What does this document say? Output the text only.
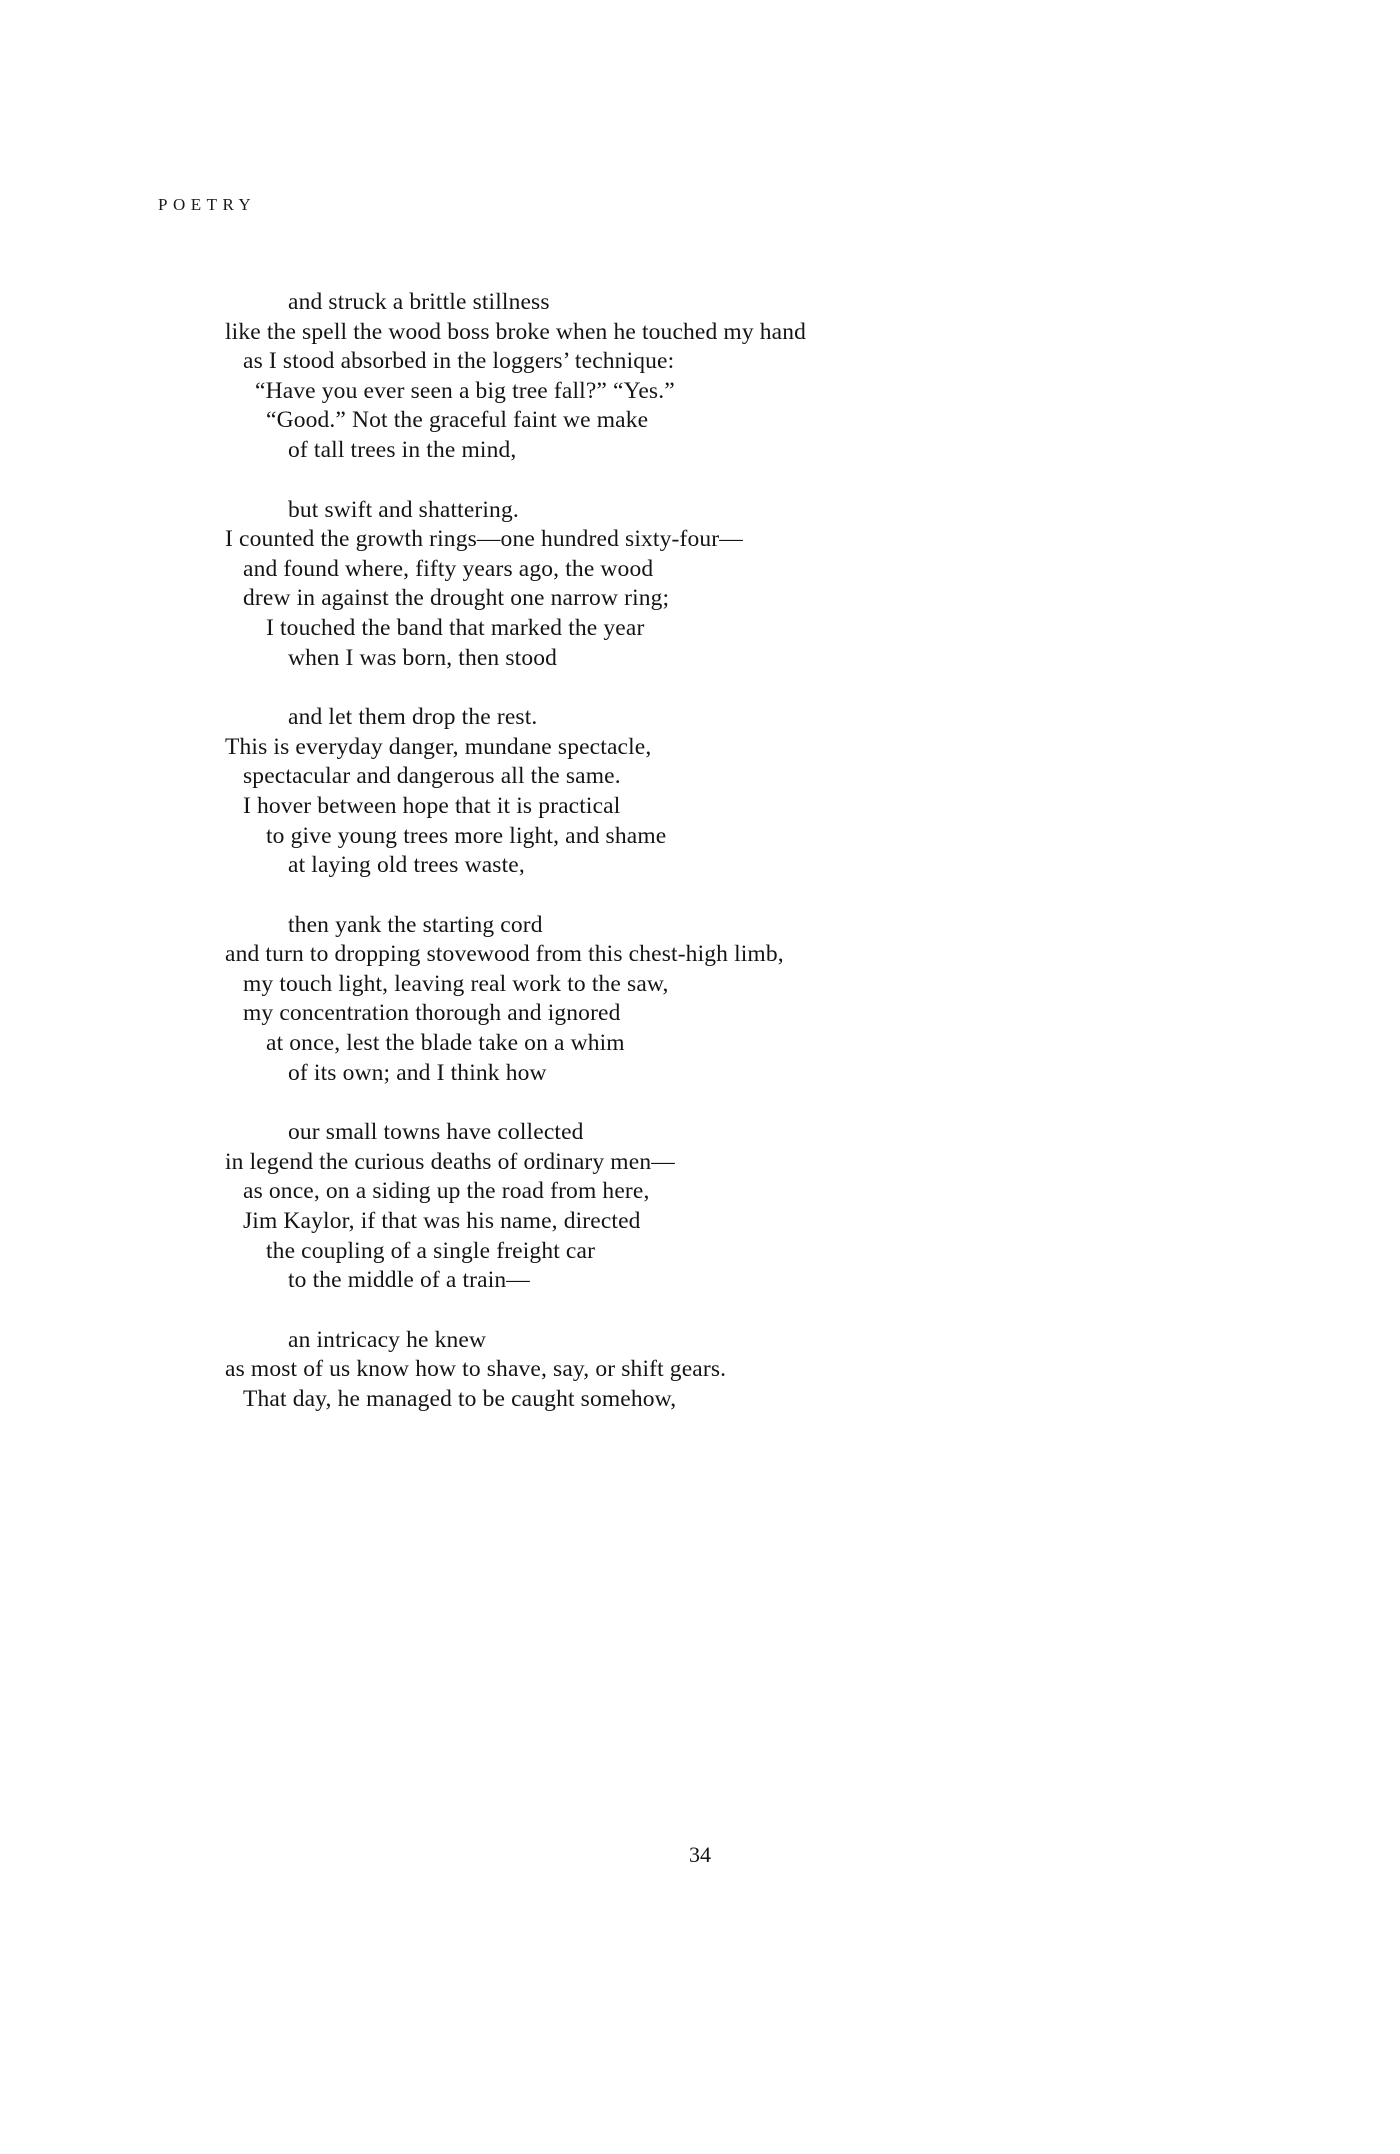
POETRY
and struck a brittle stillness
like the spell the wood boss broke when he touched my hand
as I stood absorbed in the loggers’ technique:
“Have you ever seen a big tree fall?” “Yes.”
“Good.” Not the graceful faint we make
of tall trees in the mind,
but swift and shattering.
I counted the growth rings—one hundred sixty-four—
and found where, fifty years ago, the wood
drew in against the drought one narrow ring;
I touched the band that marked the year
when I was born, then stood
and let them drop the rest.
This is everyday danger, mundane spectacle,
spectacular and dangerous all the same.
I hover between hope that it is practical
to give young trees more light, and shame
at laying old trees waste,
then yank the starting cord
and turn to dropping stovewood from this chest-high limb,
my touch light, leaving real work to the saw,
my concentration thorough and ignored
at once, lest the blade take on a whim
of its own; and I think how
our small towns have collected
in legend the curious deaths of ordinary men—
as once, on a siding up the road from here,
Jim Kaylor, if that was his name, directed
the coupling of a single freight car
to the middle of a train—
an intricacy he knew
as most of us know how to shave, say, or shift gears.
That day, he managed to be caught somehow,
34
